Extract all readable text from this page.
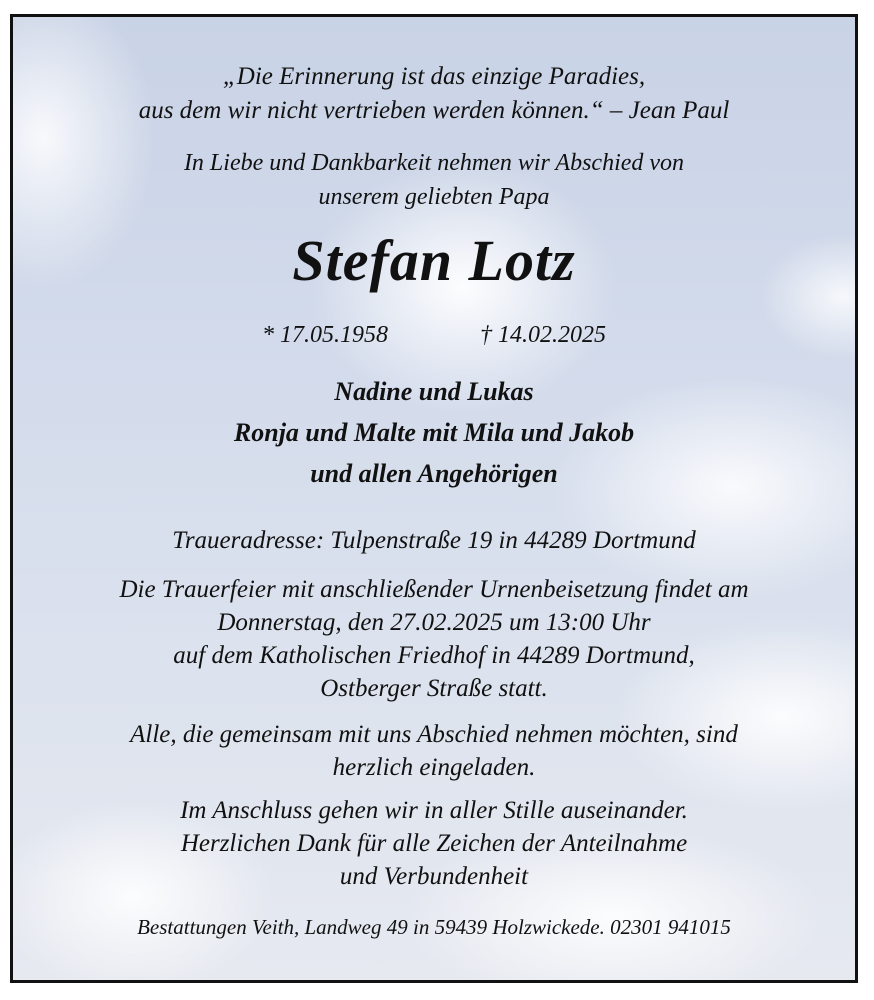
„Die Erinnerung ist das einzige Paradies,
aus dem wir nicht vertrieben werden können.“ – Jean Paul
In Liebe und Dankbarkeit nehmen wir Abschied von
unserem geliebten Papa
Stefan Lotz
* 17.05.1958	† 14.02.2025
Nadine und Lukas
Ronja und Malte mit Mila und Jakob
und allen Angehörigen
Traueradresse: Tulpenstraße 19 in 44289 Dortmund
Die Trauerfeier mit anschließender Urnenbeisetzung findet am
Donnerstag, den 27.02.2025 um 13:00 Uhr
auf dem Katholischen Friedhof in 44289 Dortmund,
Ostberger Straße statt.
Alle, die gemeinsam mit uns Abschied nehmen möchten, sind
herzlich eingeladen.
Im Anschluss gehen wir in aller Stille auseinander.
Herzlichen Dank für alle Zeichen der Anteilnahme
und Verbundenheit
Bestattungen Veith, Landweg 49 in 59439 Holzwickede. 02301 941015
